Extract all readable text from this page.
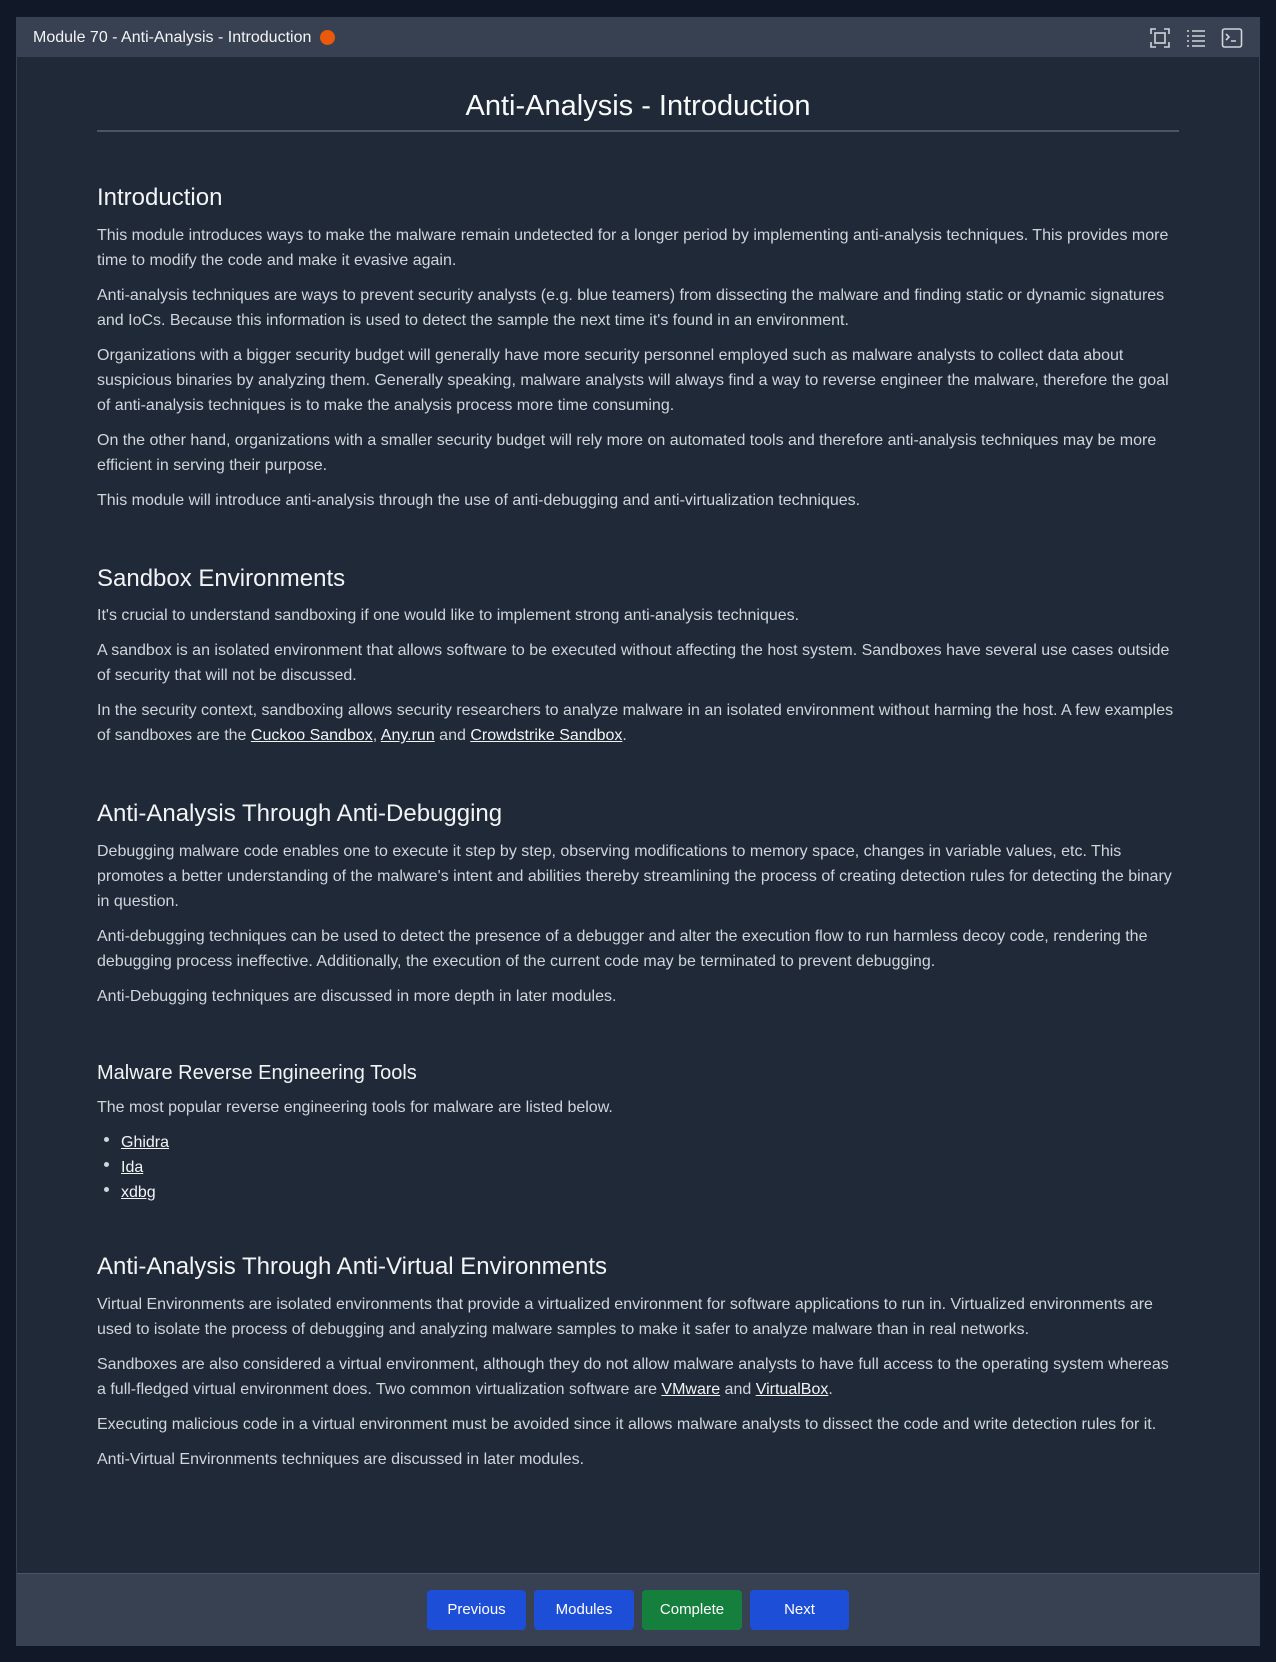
Module 70 - Anti-Analysis - Introduction
Anti-Analysis - Introduction
Introduction

This module introduces ways to make the malware remain undetected for a longer period by implementing anti-analysis techniques. This provides more time to modify the code and make it evasive again.

Anti-analysis techniques are ways to prevent security analysts (e.g. blue teamers) from dissecting the malware and finding static or dynamic signatures and IoCs. Because this information is used to detect the sample the next time it's found in an environment.

Organizations with a bigger security budget will generally have more security personnel employed such as malware analysts to collect data about suspicious binaries by analyzing them. Generally speaking, malware analysts will always find a way to reverse engineer the malware, therefore the goal of anti-analysis techniques is to make the analysis process more time consuming.

On the other hand, organizations with a smaller security budget will rely more on automated tools and therefore anti-analysis techniques may be more efficient in serving their purpose.

This module will introduce anti-analysis through the use of anti-debugging and anti-virtualization techniques.

Sandbox Environments

It's crucial to understand sandboxing if one would like to implement strong anti-analysis techniques.

A sandbox is an isolated environment that allows software to be executed without affecting the host system. Sandboxes have several use cases outside of security that will not be discussed.

In the security context, sandboxing allows security researchers to analyze malware in an isolated environment without harming the host. A few examples of sandboxes are the Cuckoo Sandbox, Any.run and Crowdstrike Sandbox.

Anti-Analysis Through Anti-Debugging

Debugging malware code enables one to execute it step by step, observing modifications to memory space, changes in variable values, etc. This promotes a better understanding of the malware's intent and abilities thereby streamlining the process of creating detection rules for detecting the binary in question.

Anti-debugging techniques can be used to detect the presence of a debugger and alter the execution flow to run harmless decoy code, rendering the debugging process ineffective. Additionally, the execution of the current code may be terminated to prevent debugging.

Anti-Debugging techniques are discussed in more depth in later modules.

Malware Reverse Engineering Tools

The most popular reverse engineering tools for malware are listed below.

Ghidra
Ida
xdbg
Anti-Analysis Through Anti-Virtual Environments

Virtual Environments are isolated environments that provide a virtualized environment for software applications to run in. Virtualized environments are used to isolate the process of debugging and analyzing malware samples to make it safer to analyze malware than in real networks.

Sandboxes are also considered a virtual environment, although they do not allow malware analysts to have full access to the operating system whereas a full-fledged virtual environment does. Two common virtualization software are VMware and VirtualBox.

Executing malicious code in a virtual environment must be avoided since it allows malware analysts to dissect the code and write detection rules for it.

Anti-Virtual Environments techniques are discussed in later modules.

Previous	Modules	Complete	Next
